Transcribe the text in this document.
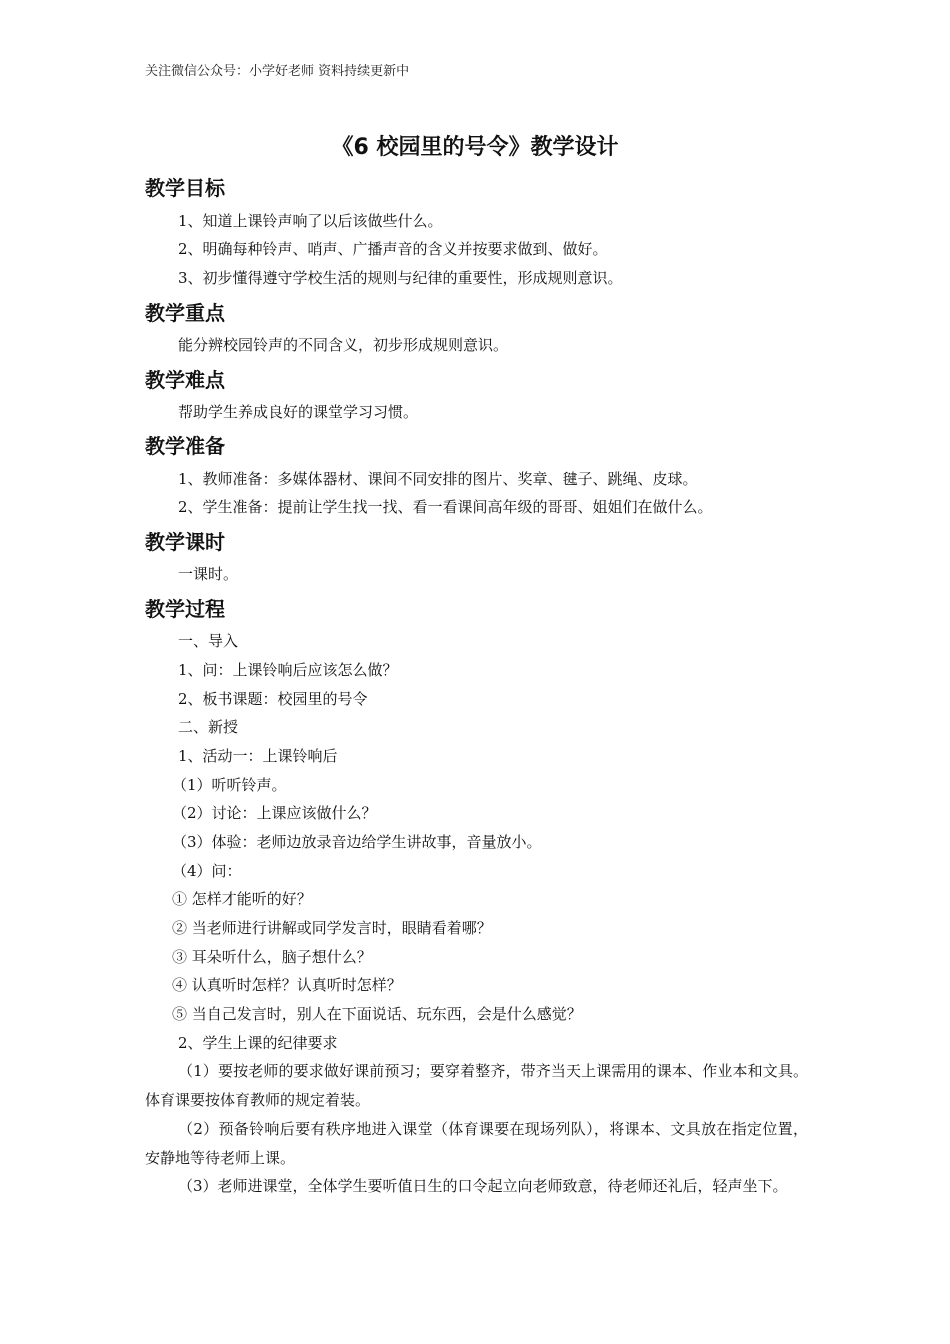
关注微信公众号：小学好老师 资料持续更新中
《6 校园里的号令》教学设计
教学目标
1、知道上课铃声响了以后该做些什么。
2、明确每种铃声、哨声、广播声音的含义并按要求做到、做好。
3、初步懂得遵守学校生活的规则与纪律的重要性，形成规则意识。
教学重点
能分辨校园铃声的不同含义，初步形成规则意识。
教学难点
帮助学生养成良好的课堂学习习惯。
教学准备
1、教师准备：多媒体器材、课间不同安排的图片、奖章、毽子、跳绳、皮球。
2、学生准备：提前让学生找一找、看一看课间高年级的哥哥、姐姐们在做什么。
教学课时
一课时。
教学过程
一、导入
1、问：上课铃响后应该怎么做？
2、板书课题：校园里的号令
二、新授
1、活动一：上课铃响后
（1）听听铃声。
（2）讨论：上课应该做什么？
（3）体验：老师边放录音边给学生讲故事，音量放小。
（4）问：
① 怎样才能听的好？
② 当老师进行讲解或同学发言时，眼睛看着哪？
③ 耳朵听什么，脑子想什么？
④ 认真听时怎样？认真听时怎样？
⑤ 当自己发言时，别人在下面说话、玩东西，会是什么感觉？
2、学生上课的纪律要求
（1）要按老师的要求做好课前预习；要穿着整齐，带齐当天上课需用的课本、作业本和文具。体育课要按体育教师的规定着装。
（2）预备铃响后要有秩序地进入课堂（体育课要在现场列队），将课本、文具放在指定位置，安静地等待老师上课。
（3）老师进课堂，全体学生要听值日生的口令起立向老师致意，待老师还礼后，轻声坐下。
